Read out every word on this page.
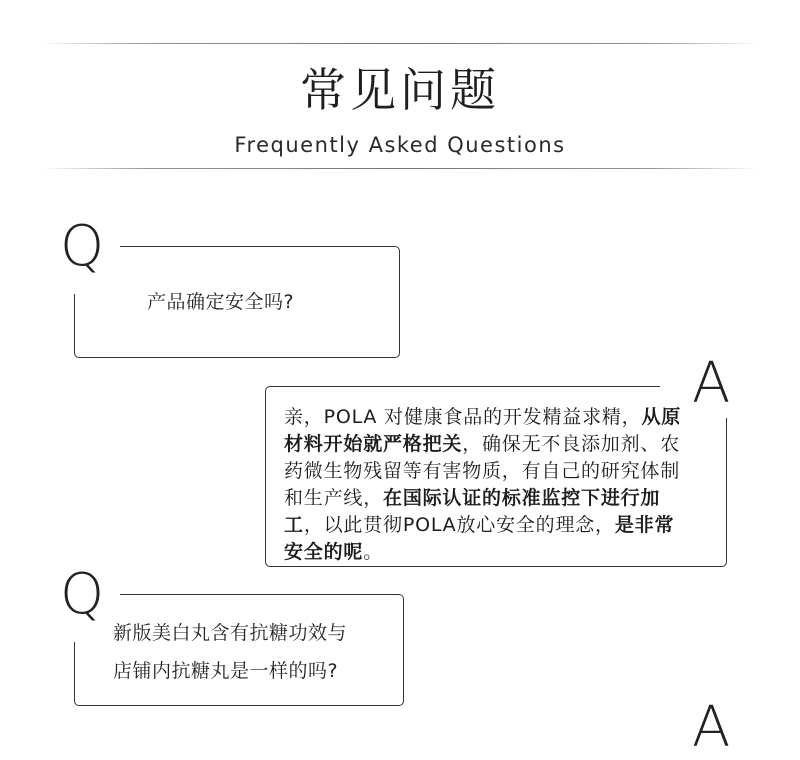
常见问题
Frequently Asked Questions
Q
产品确定安全吗?
A
亲，POLA 对健康食品的开发精益求精，从原材料开始就严格把关，确保无不良添加剂、农药微生物残留等有害物质，有自己的研究体制和生产线，在国际认证的标准监控下进行加工，以此贯彻POLA放心安全的理念，是非常安全的呢。
Q
新版美白丸含有抗糖功效与
店铺内抗糖丸是一样的吗?
A
